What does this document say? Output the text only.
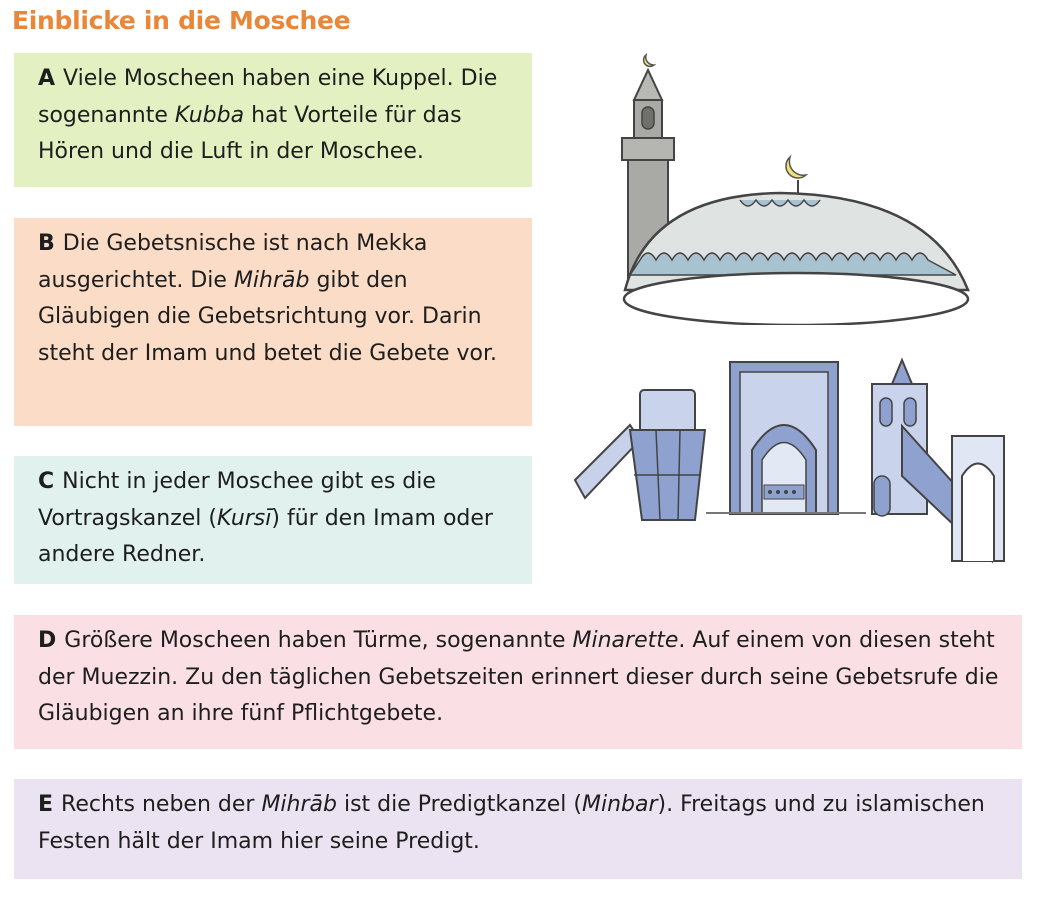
Einblicke in die Moschee
A Viele Moscheen haben eine Kuppel. Die sogenannte Kubba hat Vorteile für das Hören und die Luft in der Moschee.
B Die Gebetsnische ist nach Mekka ausgerichtet. Die Mihrāb gibt den Gläubigen die Gebetsrichtung vor. Darin steht der Imam und betet die Gebete vor.
C Nicht in jeder Moschee gibt es die Vortragskanzel (Kursī) für den Imam oder andere Redner.
D Größere Moscheen haben Türme, sogenannte Minarette. Auf einem von diesen steht der Muezzin. Zu den täglichen Gebetszeiten erinnert dieser durch seine Gebetsrufe die Gläubigen an ihre fünf Pflichtgebete.
E Rechts neben der Mihrāb ist die Predigtkanzel (Minbar). Freitags und zu islamischen Festen hält der Imam hier seine Predigt.
